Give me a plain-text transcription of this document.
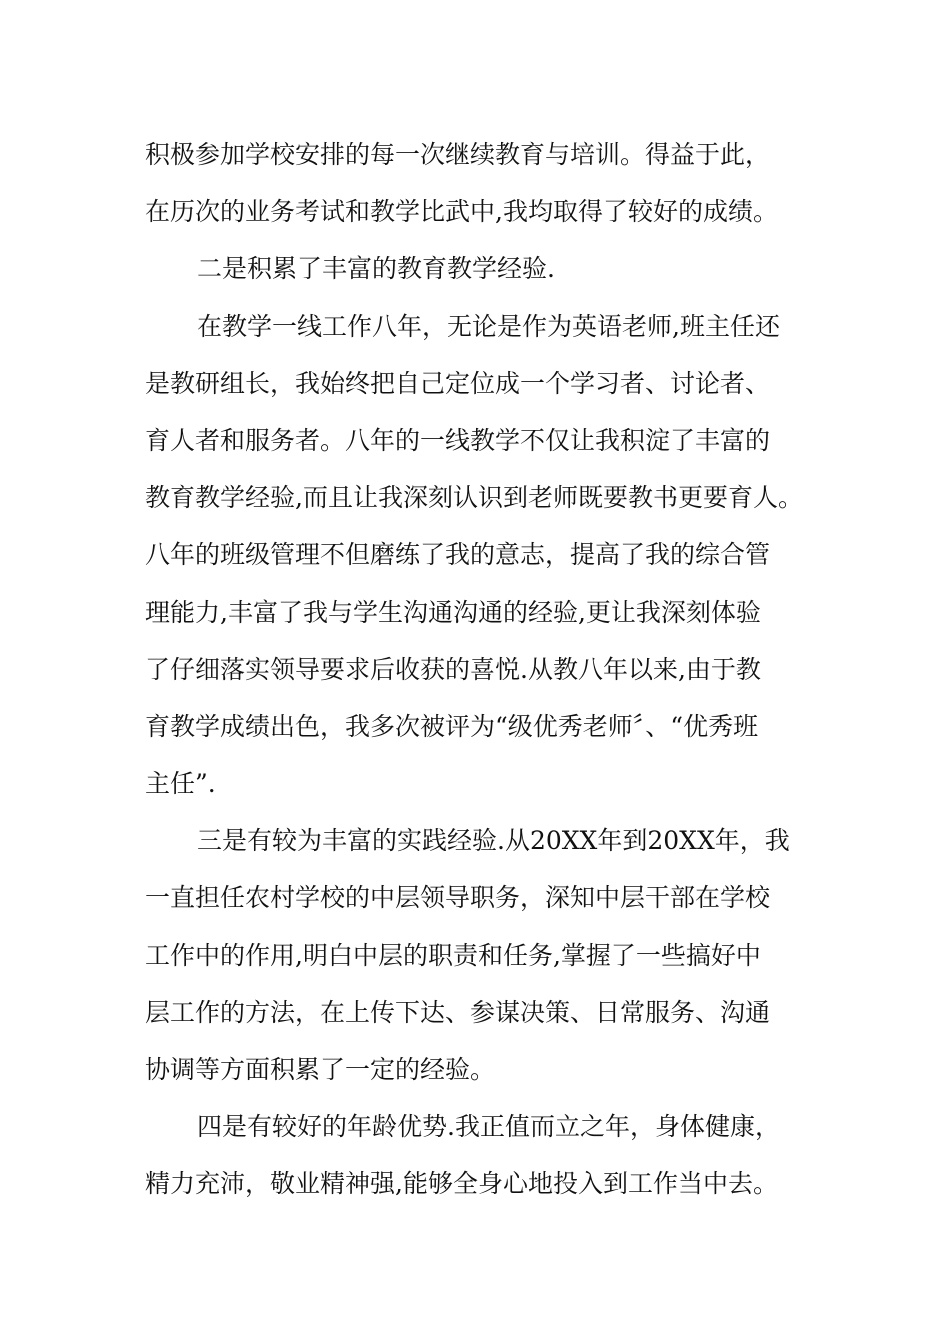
积极参加学校安排的每一次继续教育与培训。得益于此，
在历次的业务考试和教学比武中,我均取得了较好的成绩。
二是积累了丰富的教育教学经验.
在教学一线工作八年，无论是作为英语老师,班主任还
是教研组长，我始终把自己定位成一个学习者、讨论者、
育人者和服务者。八年的一线教学不仅让我积淀了丰富的
教育教学经验,而且让我深刻认识到老师既要教书更要育人。
八年的班级管理不但磨练了我的意志，提高了我的综合管
理能力,丰富了我与学生沟通沟通的经验,更让我深刻体验
了仔细落实领导要求后收获的喜悦.从教八年以来,由于教
育教学成绩出色，我多次被评为“级优秀老师〞、“优秀班
主任”.
三是有较为丰富的实践经验.从20XX年到20XX年，我
一直担任农村学校的中层领导职务，深知中层干部在学校
工作中的作用,明白中层的职责和任务,掌握了一些搞好中
层工作的方法，在上传下达、参谋决策、日常服务、沟通
协调等方面积累了一定的经验。
四是有较好的年龄优势.我正值而立之年，身体健康，
精力充沛，敬业精神强,能够全身心地投入到工作当中去。
